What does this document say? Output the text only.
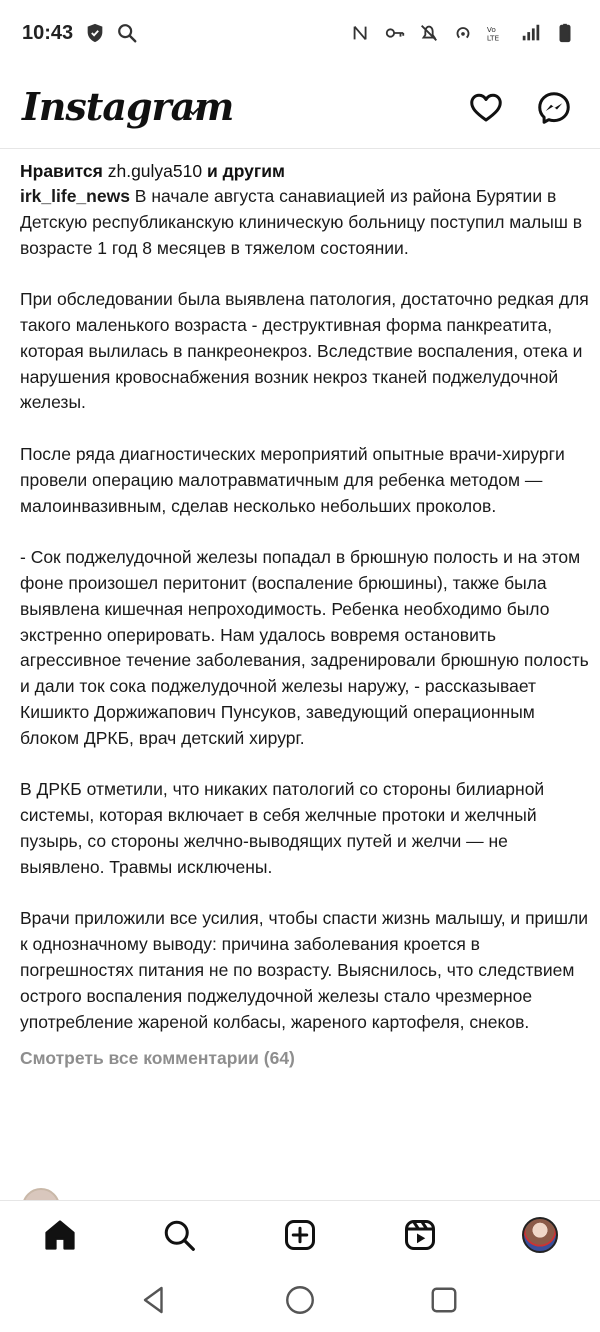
10:43	Vo
LTE
Instagram
Нравится zh.gulya510 и другим

irk_life_news В начале августа санавиацией из района Бурятии в Детскую республиканскую клиническую больницу поступил малыш в возрасте 1 год 8 месяцев в тяжелом состоянии.

При обследовании была выявлена патология, достаточно редкая для такого маленького возраста - деструктивная форма панкреатита, которая вылилась в панкреонекроз. Вследствие воспаления, отека и нарушения кровоснабжения возник некроз тканей поджелудочной железы.

После ряда диагностических мероприятий опытные врачи-хирурги провели операцию малотравматичным для ребенка методом — малоинвазивным, сделав несколько небольших проколов.

- Сок поджелудочной железы попадал в брюшную полость и на этом фоне произошел перитонит (воспаление брюшины), также была выявлена кишечная непроходимость. Ребенка необходимо было экстренно оперировать. Нам удалось вовремя остановить агрессивное течение заболевания, задренировали брюшную полость и дали ток сока поджелудочной железы наружу, - рассказывает Кишикто Доржижапович Пунсуков, заведующий операционным блоком ДРКБ, врач детский хирург.

В ДРКБ отметили, что никаких патологий со стороны билиарной системы, которая включает в себя желчные протоки и желчный пузырь, со стороны желчно-выводящих путей и желчи — не выявлено. Травмы исключены.

Врачи приложили все усилия, чтобы спасти жизнь малышу, и пришли к однозначному выводу: причина заболевания кроется в погрешностях питания не по возрасту. Выяснилось, что следствием острого воспаления поджелудочной железы стало чрезмерное употребление жареной колбасы, жареного картофеля, снеков.

Смотреть все комментарии (64)
